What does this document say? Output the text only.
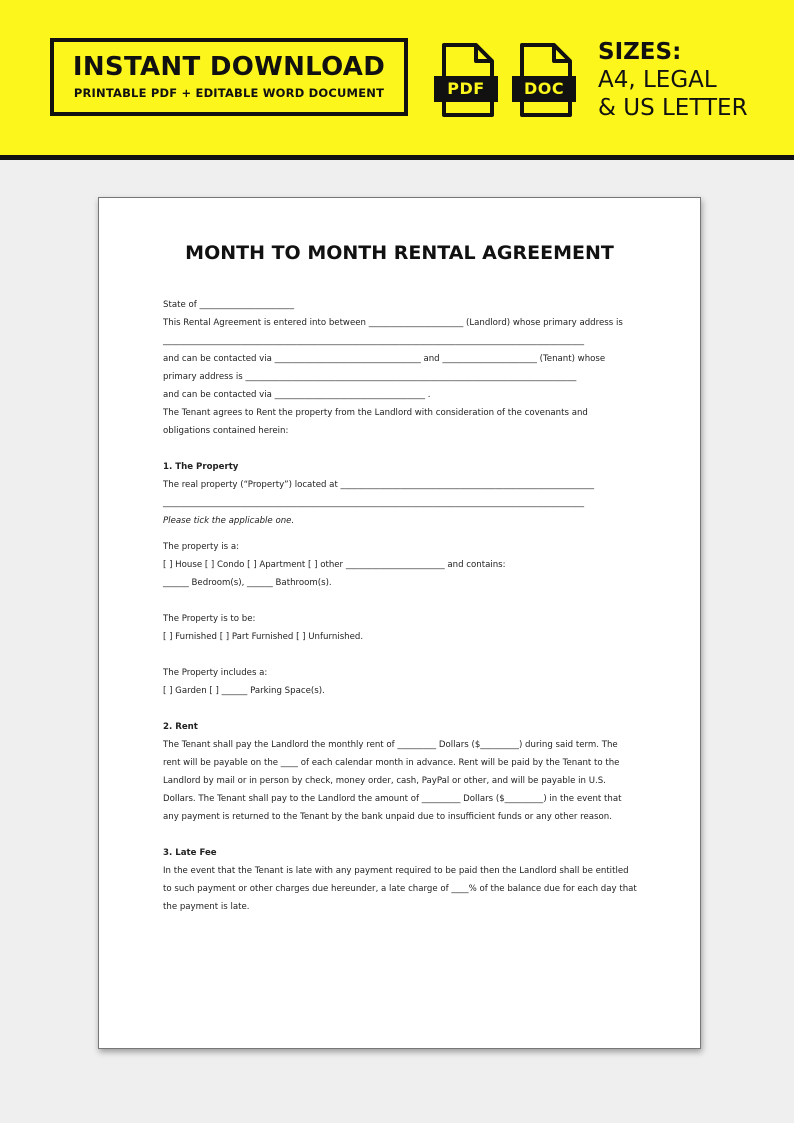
INSTANT DOWNLOAD
PRINTABLE PDF + EDITABLE WORD DOCUMENT	PDF	DOC
SIZES:
A4, LEGAL
& US LETTER
MONTH TO MONTH RENTAL AGREEMENT
State of ______________________
This Rental Agreement is entered into between ______________________ (Landlord) whose primary address is
__________________________________________________________________________________________________
and can be contacted via __________________________________ and ______________________ (Tenant) whose
primary address is _____________________________________________________________________________
and can be contacted via ___________________________________ .
The Tenant agrees to Rent the property from the Landlord with consideration of the covenants and
obligations contained herein:
1. The Property
The real property (“Property”) located at ___________________________________________________________
__________________________________________________________________________________________________
Please tick the applicable one.
The property is a:
[ ] House [ ] Condo [ ] Apartment [ ] other _______________________ and contains:
______ Bedroom(s), ______ Bathroom(s).
The Property is to be:
[ ] Furnished [ ] Part Furnished [ ] Unfurnished.
The Property includes a:
[ ] Garden [ ] ______ Parking Space(s).
2. Rent
The Tenant shall pay the Landlord the monthly rent of _________ Dollars ($_________) during said term. The
rent will be payable on the ____ of each calendar month in advance. Rent will be paid by the Tenant to the
Landlord by mail or in person by check, money order, cash, PayPal or other, and will be payable in U.S.
Dollars. The Tenant shall pay to the Landlord the amount of _________ Dollars ($_________) in the event that
any payment is returned to the Tenant by the bank unpaid due to insufficient funds or any other reason.
3. Late Fee
In the event that the Tenant is late with any payment required to be paid then the Landlord shall be entitled
to such payment or other charges due hereunder, a late charge of ____% of the balance due for each day that
the payment is late.
